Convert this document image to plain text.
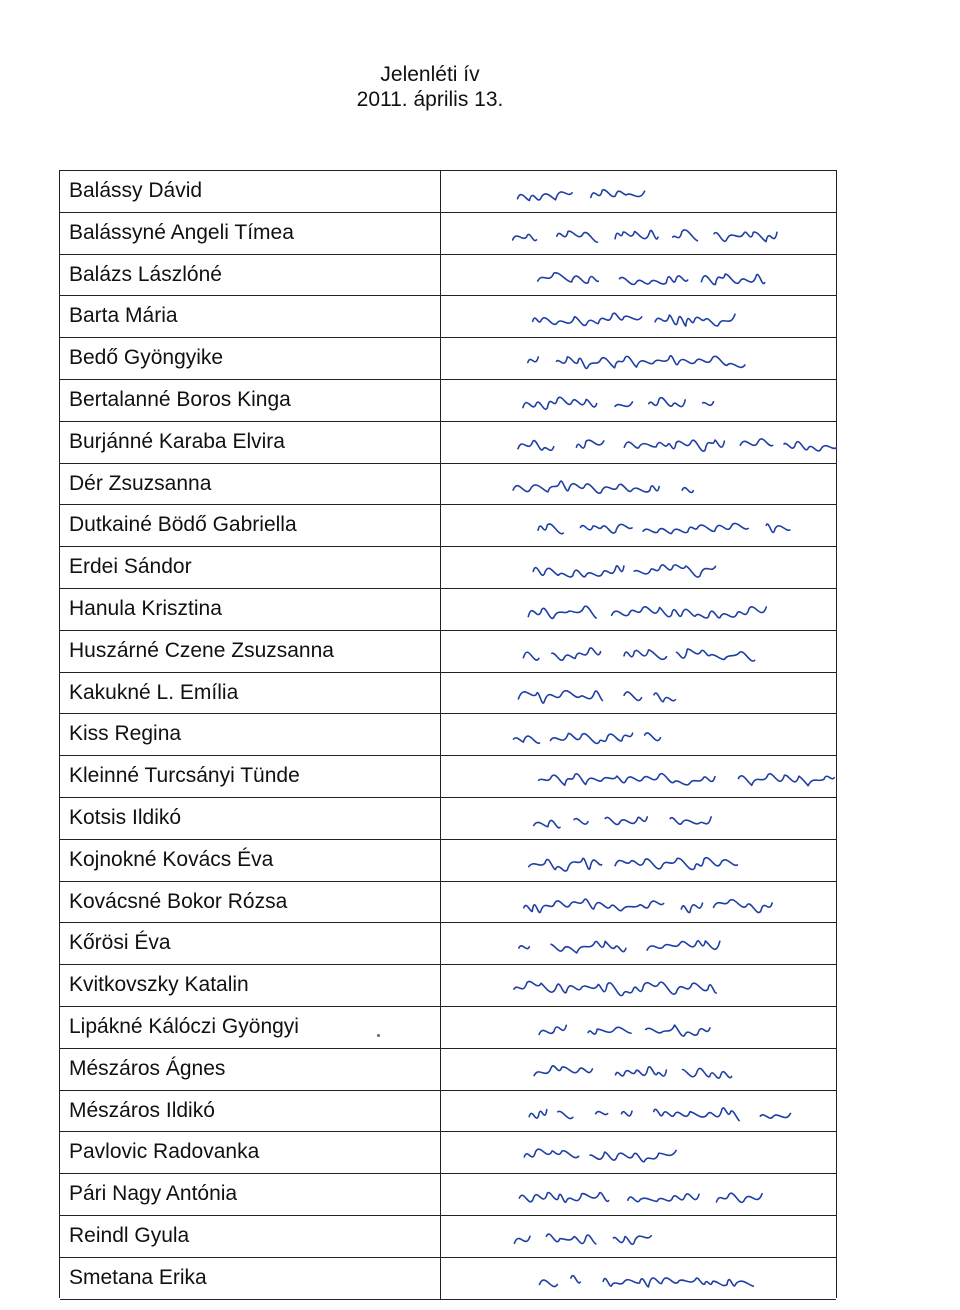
Jelenléti ív
2011. április 13.
Balássy Dávid
Balássyné Angeli Tímea
Balázs Lászlóné
Barta Mária
Bedő Gyöngyike
Bertalanné Boros Kinga
Burjánné Karaba Elvira
Dér Zsuzsanna
Dutkainé Bödő Gabriella
Erdei Sándor
Hanula Krisztina
Huszárné Czene Zsuzsanna
Kakukné L. Emília
Kiss Regina
Kleinné Turcsányi Tünde
Kotsis Ildikó
Kojnokné Kovács Éva
Kovácsné Bokor Rózsa
Kőrösi Éva
Kvitkovszky Katalin
Lipákné Kálóczi Gyöngyi
Mészáros Ágnes
Mészáros Ildikó
Pavlovic Radovanka
Pári Nagy Antónia
Reindl Gyula
Smetana Erika
